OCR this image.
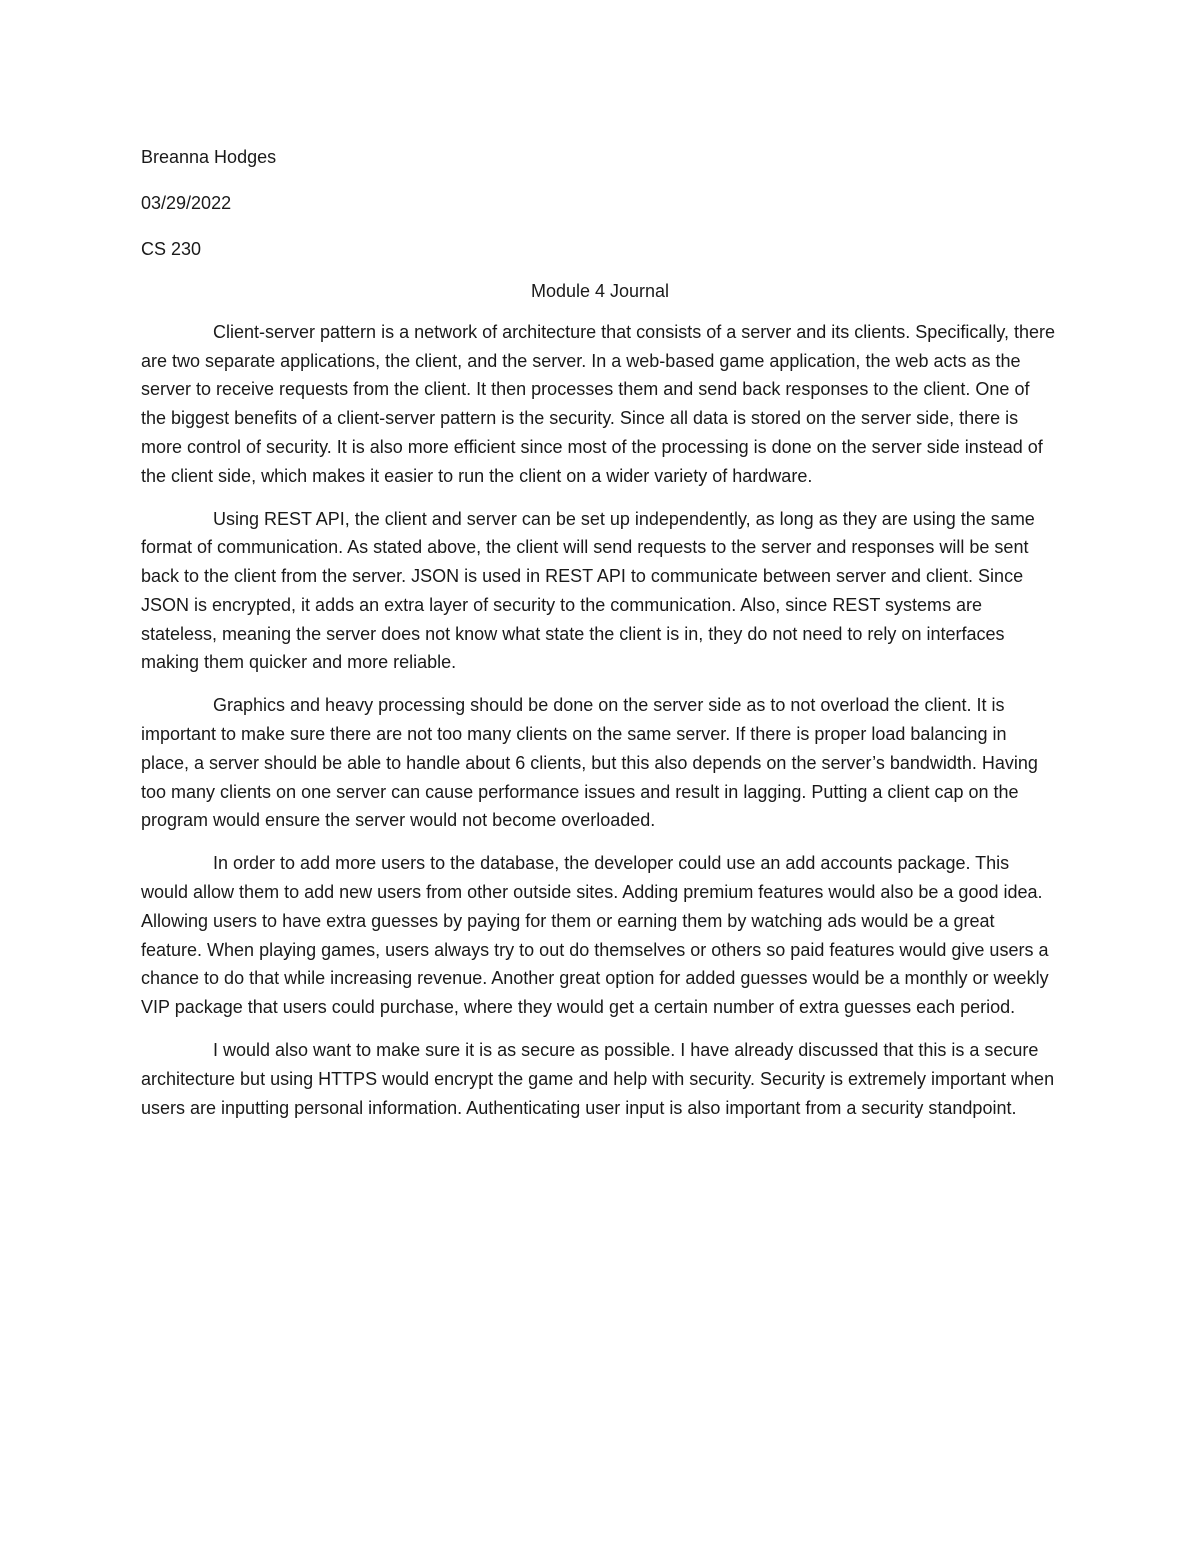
Breanna Hodges
03/29/2022
CS 230
Module 4 Journal

Client-server pattern is a network of architecture that consists of a server and its clients. Specifically, there are two separate applications, the client, and the server. In a web-based game application, the web acts as the server to receive requests from the client. It then processes them and send back responses to the client. One of the biggest benefits of a client-server pattern is the security. Since all data is stored on the server side, there is more control of security. It is also more efficient since most of the processing is done on the server side instead of the client side, which makes it easier to run the client on a wider variety of hardware.

Using REST API, the client and server can be set up independently, as long as they are using the same format of communication. As stated above, the client will send requests to the server and responses will be sent back to the client from the server. JSON is used in REST API to communicate between server and client. Since JSON is encrypted, it adds an extra layer of security to the communication. Also, since REST systems are stateless, meaning the server does not know what state the client is in, they do not need to rely on interfaces making them quicker and more reliable.

Graphics and heavy processing should be done on the server side as to not overload the client. It is important to make sure there are not too many clients on the same server. If there is proper load balancing in place, a server should be able to handle about 6 clients, but this also depends on the server’s bandwidth. Having too many clients on one server can cause performance issues and result in lagging. Putting a client cap on the program would ensure the server would not become overloaded.

In order to add more users to the database, the developer could use an add accounts package. This would allow them to add new users from other outside sites. Adding premium features would also be a good idea. Allowing users to have extra guesses by paying for them or earning them by watching ads would be a great feature. When playing games, users always try to out do themselves or others so paid features would give users a chance to do that while increasing revenue. Another great option for added guesses would be a monthly or weekly VIP package that users could purchase, where they would get a certain number of extra guesses each period.

I would also want to make sure it is as secure as possible. I have already discussed that this is a secure architecture but using HTTPS would encrypt the game and help with security. Security is extremely important when users are inputting personal information. Authenticating user input is also important from a security standpoint.
